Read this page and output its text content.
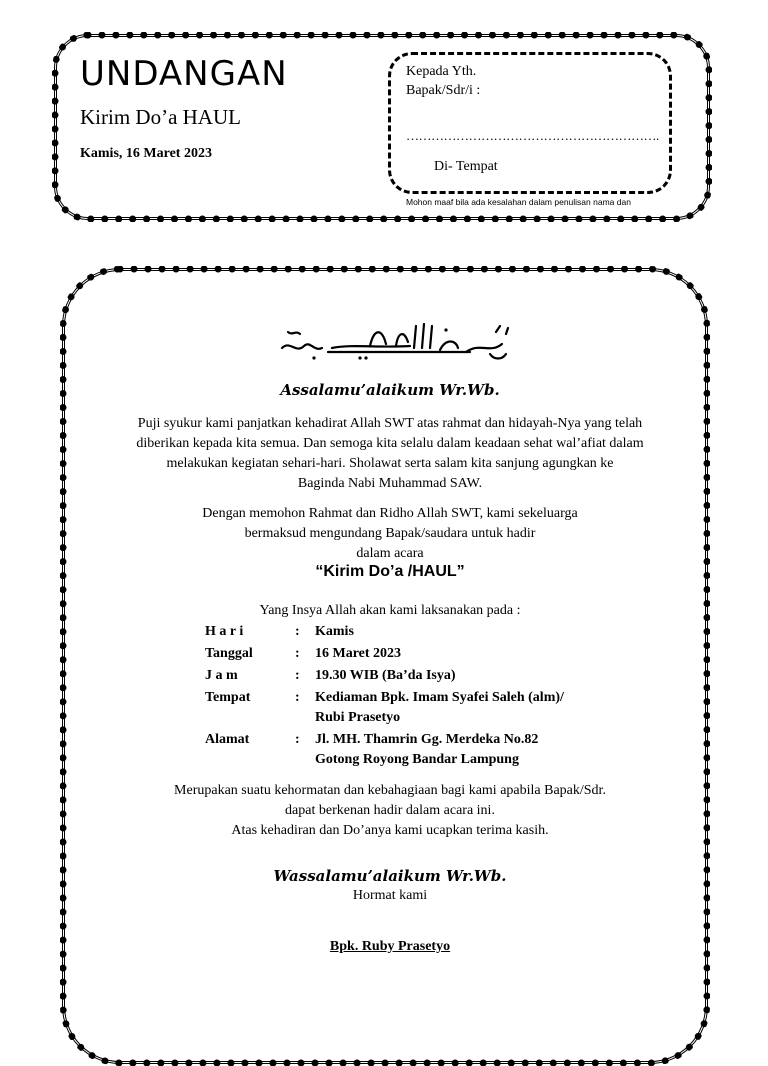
UNDANGAN
Kirim Do’a HAUL
Kamis, 16 Maret 2023
Kepada Yth.
Bapak/Sdr/i :
…………………………………………………….
Di- Tempat
Mohon maaf bila ada kesalahan dalam penulisan nama dan
Assalamu’alaikum Wr.Wb.
Puji syukur kami panjatkan kehadirat Allah SWT atas rahmat dan hidayah-Nya yang telah
diberikan kepada kita semua. Dan semoga kita selalu dalam keadaan sehat wal’afiat dalam
melakukan kegiatan sehari-hari. Sholawat serta salam kita sanjung agungkan ke
Baginda Nabi Muhammad SAW.
Dengan memohon Rahmat dan Ridho Allah SWT, kami sekeluarga
bermaksud mengundang Bapak/saudara untuk hadir
dalam acara
“Kirim Do’a /HAUL”
Yang Insya Allah akan kami laksanakan pada :
H a r i	:	Kamis
Tanggal	:	16 Maret 2023
J a m	:	19.30 WIB (Ba’da Isya)
Tempat	:	Kediaman Bpk. Imam Syafei Saleh (alm)/
Rubi Prasetyo

Alamat	:	Jl. MH. Thamrin Gg. Merdeka No.82
Gotong Royong Bandar Lampung
Merupakan suatu kehormatan dan kebahagiaan bagi kami apabila Bapak/Sdr.
dapat berkenan hadir dalam acara ini.
Atas kehadiran dan Do’anya kami ucapkan terima kasih.
Wassalamu’alaikum Wr.Wb.
Hormat kami
Bpk. Ruby Prasetyo
